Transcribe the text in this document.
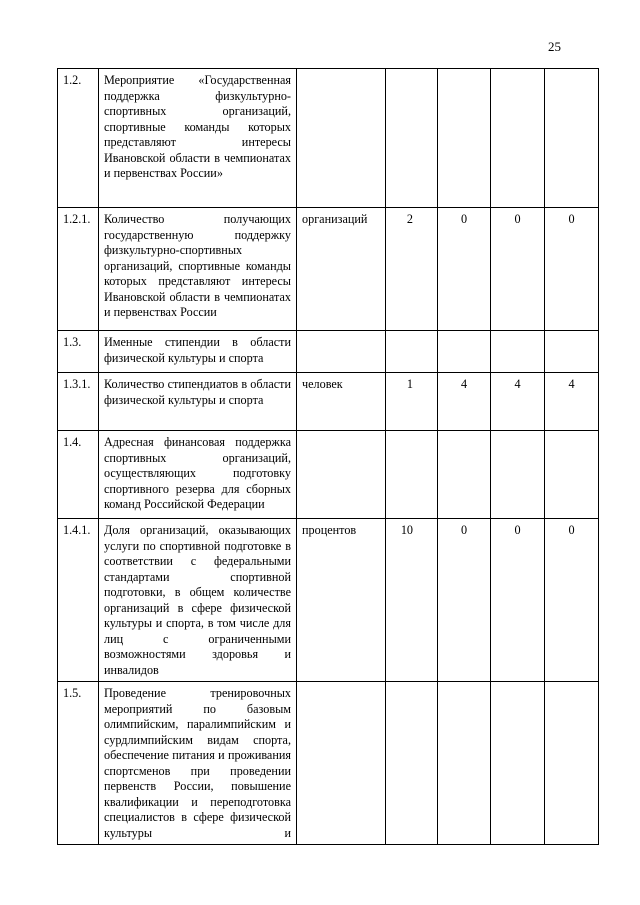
25
1.2.	Мероприятие «Государственная поддержка физкультурно-спортивных организаций, спортивные команды которых представляют интересы Ивановской области в чемпионатах и первенствах России»					
1.2.1.	Количество получающих государственную поддержку физкультурно-спортивных организаций, спортивные команды которых представляют интересы Ивановской области в чемпионатах и первенствах России	организаций	2	0	0	0
1.3.	Именные стипендии в области физической культуры и спорта					
1.3.1.	Количество стипендиатов в области физической культуры и спорта	человек	1	4	4	4
1.4.	Адресная финансовая поддержка спортивных организаций, осуществляющих подготовку спортивного резерва для сборных команд Российской Федерации					
1.4.1.	Доля организаций, оказывающих услуги по спортивной подготовке в соответствии с федеральными стандартами спортивной подготовки, в общем количестве организаций в сфере физической культуры и спорта, в том числе для лиц с ограниченными возможностями здоровья и инвалидов	процентов	10	0	0	0
1.5.	Проведение тренировочных мероприятий по базовым олимпийским, паралимпийским и сурдлимпийским видам спорта, обеспечение питания и проживания спортсменов при проведении первенств России, повышение квалификации и переподготовка специалистов в сфере физической культуры и					
